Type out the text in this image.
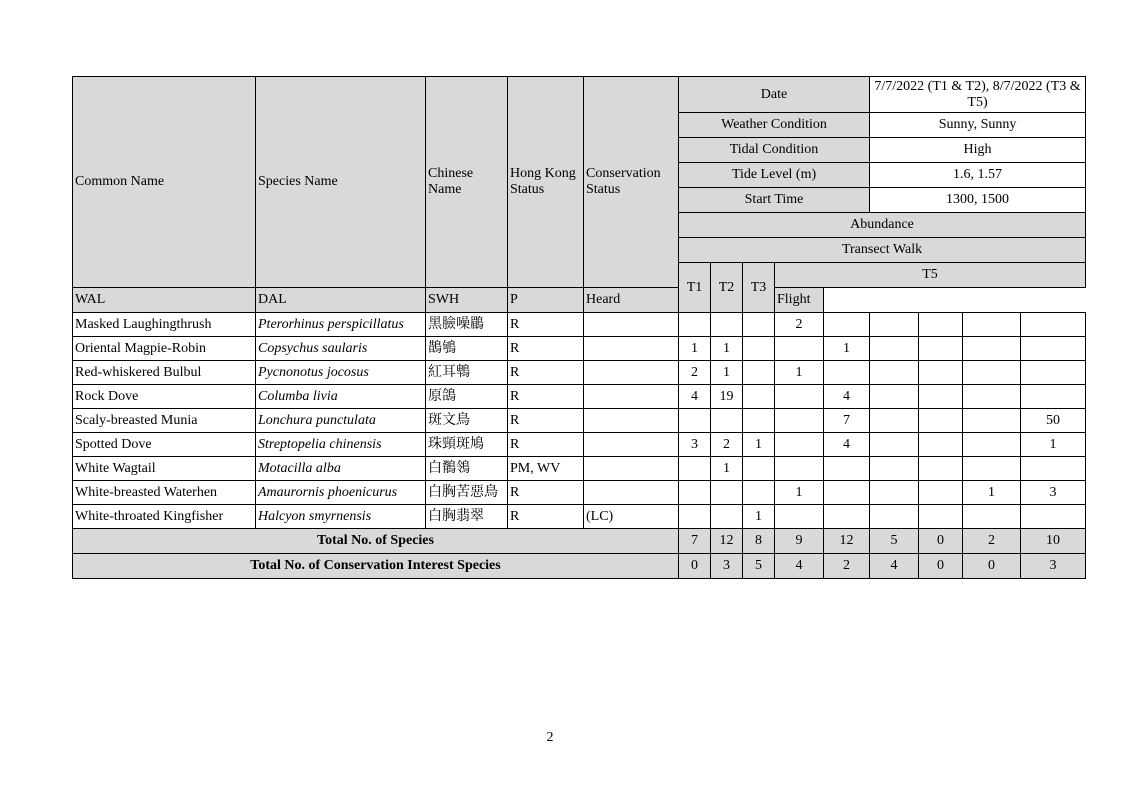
Common Name	Species Name	Chinese Name	Hong Kong Status	Conservation Status	Date					7/7/2022 (T1 & T2), 8/7/2022 (T3 & T5)			
					Weather Condition					Sunny, Sunny			
					Tidal Condition					High			
					Tide Level (m)					1.6, 1.57			
					Start Time					1300, 1500			
					Abundance								
					Transect Walk								
					T1	T2	T3	T5					
WAL	DAL	SWH	P	Heard				Flight					
Masked Laughingthrush	Pterorhinus perspicillatus	黑臉噪鶥	R					2					
Oriental Magpie-Robin	Copsychus saularis	鵲鴝	R		1	1			1				
Red-whiskered Bulbul	Pycnonotus jocosus	紅耳鵯	R		2	1		1					
Rock Dove	Columba livia	原鴿	R		4	19			4				
Scaly-breasted Munia	Lonchura punctulata	斑文鳥	R						7				50
Spotted Dove	Streptopelia chinensis	珠頸斑鳩	R		3	2	1		4				1
White Wagtail	Motacilla alba	白鶺鴒	PM, WV			1							
White-breasted Waterhen	Amaurornis phoenicurus	白胸苦惡鳥	R					1				1	3
White-throated Kingfisher	Halcyon smyrnensis	白胸翡翠	R	(LC)			1						
Total No. of Species					7	12	8	9	12	5	0	2	10
Total No. of Conservation Interest Species					0	3	5	4	2	4	0	0	3
2
